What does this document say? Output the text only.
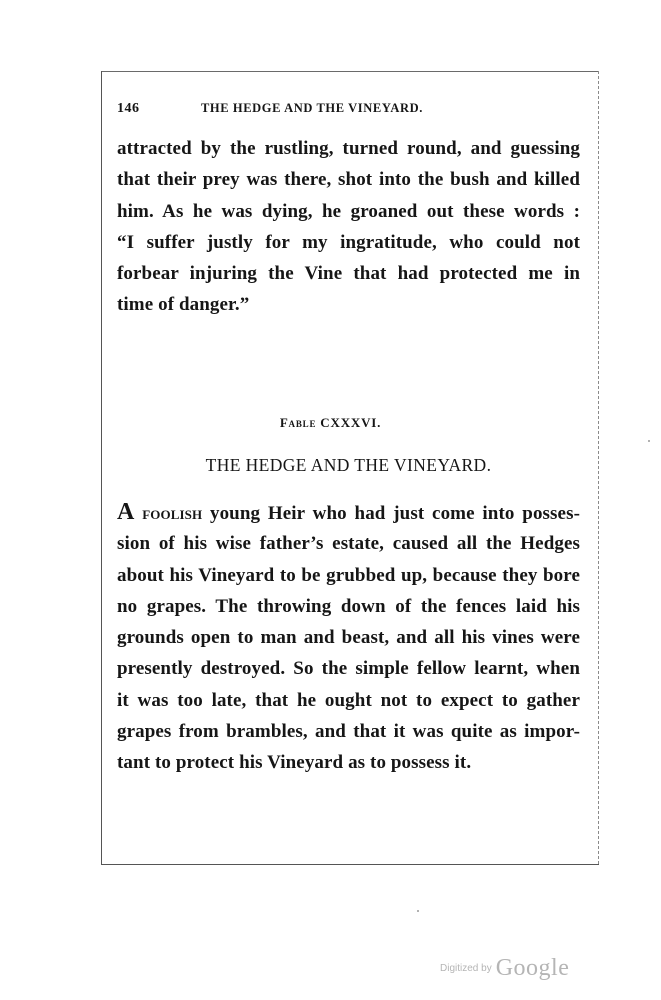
146	THE HEDGE AND THE VINEYARD.
attracted by the rustling, turned round, and guessing
that their prey was there, shot into the bush and killed
him. As he was dying, he groaned out these words :
“I suffer justly for my ingratitude, who could not
forbear injuring the Vine that had protected me in
time of danger.”
Fable CXXXVI.
THE HEDGE AND THE VINEYARD.
A foolish young Heir who had just come into posses-
sion of his wise father’s estate, caused all the Hedges
about his Vineyard to be grubbed up, because they bore
no grapes. The throwing down of the fences laid his
grounds open to man and beast, and all his vines were
presently destroyed. So the simple fellow learnt, when
it was too late, that he ought not to expect to gather
grapes from brambles, and that it was quite as impor-
tant to protect his Vineyard as to possess it.
Digitized by Google
